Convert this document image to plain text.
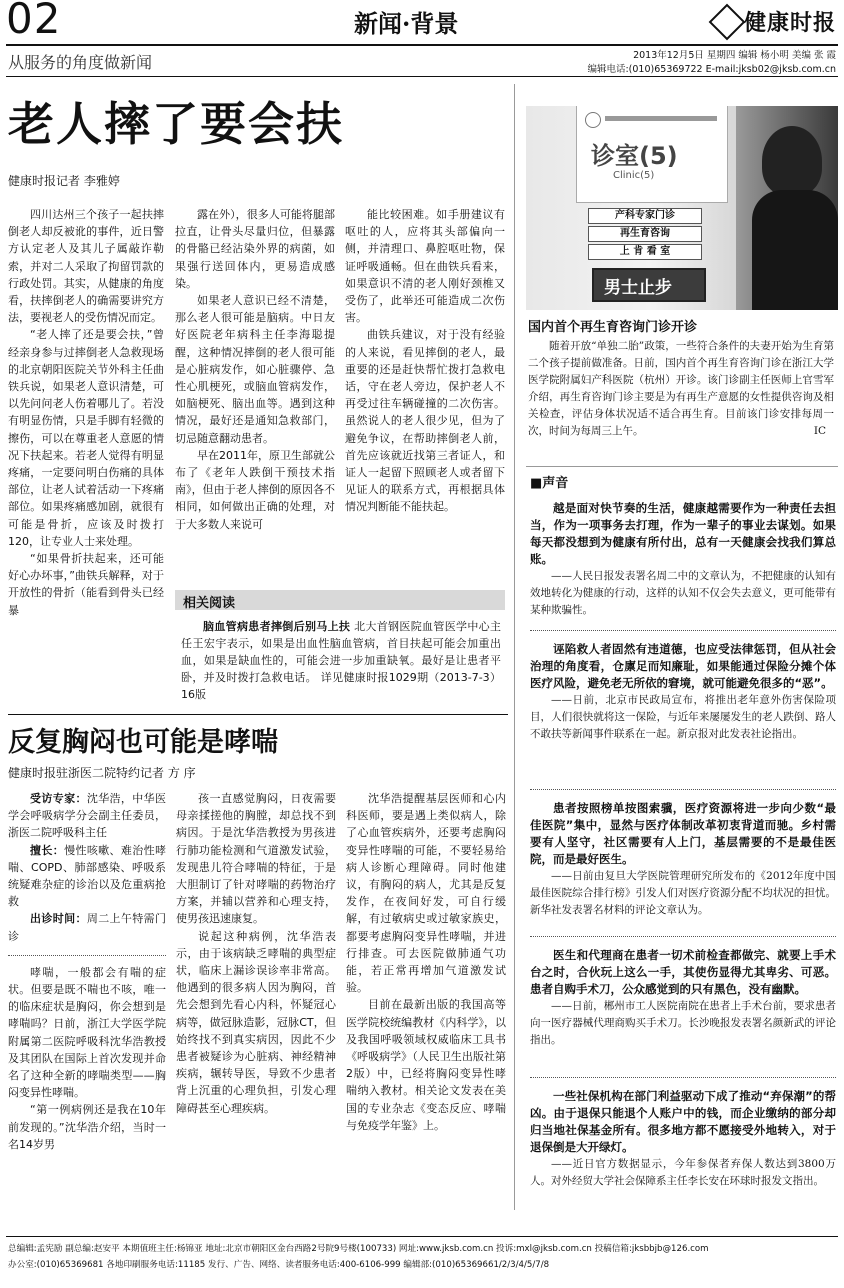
02	新闻·背景	健康时报
从服务的角度做新闻	2013年12月5日 星期四 编辑 杨小明 美编 张 霞
编辑电话:(010)65369722 E-mail:jksb02@jksb.com.cn
老人摔了要会扶
健康时报记者 李雅婷

四川达州三个孩子一起扶摔倒老人却反被讹的事件，近日警方认定老人及其儿子属敲诈勒索，并对二人采取了拘留罚款的行政处罚。其实，从健康的角度看，扶摔倒老人的确需要讲究方法，要视老人的受伤情况而定。

“老人摔了还是要会扶，”曾经亲身参与过摔倒老人急救现场的北京朝阳医院关节外科主任曲铁兵说，如果老人意识清楚，可以先问问老人伤着哪儿了。若没有明显伤情，只是手脚有轻微的擦伤，可以在尊重老人意愿的情况下扶起来。若老人觉得有明显疼痛，一定要问明白伤痛的具体部位，让老人试着活动一下疼痛部位。如果疼痛感加剧，就很有可能是骨折，应该及时拨打120，让专业人士来处理。

“如果骨折扶起来，还可能好心办坏事，”曲铁兵解释，对于开放性的骨折（能看到骨头已经暴

露在外），很多人可能将腿部拉直，让骨头尽量归位，但暴露的骨骼已经沾染外界的病菌，如果强行送回体内，更易造成感染。

如果老人意识已经不清楚，那么老人很可能是脑病。中日友好医院老年病科主任李海聪提醒，这种情况摔倒的老人很可能是心脏病发作，如心脏骤停、急性心肌梗死，或脑血管病发作，如脑梗死、脑出血等。遇到这种情况，最好还是通知急救部门，切忌随意翻动患者。

早在2011年，原卫生部就公布了《老年人跌倒干预技术指南》，但由于老人摔倒的原因各不相同，如何做出正确的处理，对于大多数人来说可

能比较困难。如手册建议有呕吐的人，应将其头部偏向一侧，并清理口、鼻腔呕吐物，保证呼吸通畅。但在曲铁兵看来，如果意识不清的老人刚好颈椎又受伤了，此举还可能造成二次伤害。

曲铁兵建议，对于没有经验的人来说，看见摔倒的老人，最重要的还是赶快帮忙拨打急救电话，守在老人旁边，保护老人不再受过往车辆碰撞的二次伤害。虽然说人的老人很少见，但为了避免争议，在帮助摔倒老人前，首先应该就近找第三者证人，和证人一起留下照顾老人或者留下见证人的联系方式，再根据具体情况判断能不能扶起。

相关阅读
脑血管病患者摔倒后别马上扶 北大首钢医院血管医学中心主任王宏宇表示，如果是出血性脑血管病，首目扶起可能会加重出血，如果是缺血性的，可能会进一步加重缺氧。最好是让患者平卧，并及时拨打急救电话。 详见健康时报1029期（2013-7-3）16版
反复胸闷也可能是哮喘
健康时报驻浙医二院特约记者 方 序
受访专家：沈华浩，中华医学会呼吸病学分会副主任委员，浙医二院呼吸科主任
擅长：慢性咳嗽、难治性哮喘、COPD、肺部感染、呼吸系统疑难杂症的诊治以及危重病抢救
出诊时间：周二上午特需门诊

哮喘，一般都会有喘的症状。但要是既不喘也不咳，唯一的临床症状是胸闷，你会想到是哮喘吗？日前，浙江大学医学院附属第二医院呼吸科沈华浩教授及其团队在国际上首次发现并命名了这种全新的哮喘类型——胸闷变异性哮喘。

“第一例病例还是我在10年前发现的。”沈华浩介绍，当时一名14岁男

孩一直感觉胸闷，日夜需要母亲揉搓他的胸膛，却总找不到病因。于是沈华浩教授为男孩进行肺功能检测和气道激发试验，发现患儿符合哮喘的特征，于是大胆制订了针对哮喘的药物治疗方案，并辅以营养和心理支持，使男孩迅速康复。

说起这种病例，沈华浩表示，由于该病缺乏哮喘的典型症状，临床上漏诊误诊率非常高。他遇到的很多病人因为胸闷，首先会想到先看心内科，怀疑冠心病等，做冠脉造影，冠脉CT，但始终找不到真实病因，因此不少患者被疑诊为心脏病、神经精神疾病，辗转导医，导致不少患者背上沉重的心理负担，引发心理障碍甚至心理疾病。

沈华浩提醒基层医师和心内科医师，要是遇上类似病人，除了心血管疾病外，还要考虑胸闷变异性哮喘的可能，不要轻易给病人诊断心理障碍。同时他建议，有胸闷的病人，尤其是反复发作，在夜间好发，可自行缓解，有过敏病史或过敏家族史，都要考虑胸闷变异性哮喘，并进行排查。可去医院做肺通气功能，若正常再增加气道激发试验。

目前在最新出版的我国高等医学院校统编教材《内科学》，以及我国呼吸领域权威临床工具书《呼吸病学》（人民卫生出版社第2版）中，已经将胸闷变异性哮喘纳入教材。相关论文发表在美国的专业杂志《变态反应、哮喘与免疫学年鉴》上。

诊室(5)
Clinic(5)
产科专家门诊
再生育咨询
上 肯 看 室
男士止步
国内首个再生育咨询门诊开诊
随着开放“单独二胎”政策，一些符合条件的夫妻开始为生育第二个孩子提前做准备。日前，国内首个再生育咨询门诊在浙江大学医学院附属妇产科医院（杭州）开诊。该门诊副主任医师上官雪军介绍，再生育咨询门诊主要是为有再生产意愿的女性提供咨询及相关检查，评估身体状况适不适合再生育。目前该门诊安排每周一次，时间为每周三上午。	IC
■声音
越是面对快节奏的生活，健康越需要作为一种责任去担当，作为一项事务去打理，作为一辈子的事业去谋划。如果每天都没想到为健康有所付出，总有一天健康会找我们算总账。
——人民日报发表署名周二中的文章认为，不把健康的认知有效地转化为健康的行动，这样的认知不仅会失去意义，更可能带有某种欺骗性。
诬陷救人者固然有违道德，也应受法律惩罚，但从社会治理的角度看，仓廪足而知廉耻，如果能通过保险分摊个体医疗风险，避免老无所依的窘境，就可能避免很多的“恶”。
——日前，北京市民政局宣布，将推出老年意外伤害保险项目，人们很快就将这一保险，与近年来屡屡发生的老人跌倒、路人不敢扶等新闻事件联系在一起。新京报对此发表社论指出。
患者按照榜单按图索骥，医疗资源将进一步向少数“最佳医院”集中，显然与医疗体制改革初衷背道而驰。乡村需要有人坚守，社区需要有人上门，基层需要的不是最佳医院，而是最好医生。
——日前由复旦大学医院管理研究所发布的《2012年度中国最佳医院综合排行榜》引发人们对医疗资源分配不均状况的担忧。新华社发表署名材料的评论文章认为。
医生和代理商在患者一切术前检查都做完、就要上手术台之时，合伙玩上这么一手，其使伤显得尤其卑劣、可恶。患者自购手术刀，公众感觉到的只有黑色，没有幽默。
——日前，郴州市工人医院南院在患者上手术台前，要求患者向一医疗器械代理商购买手术刀。长沙晚报发表署名颜新武的评论指出。
一些社保机构在部门利益驱动下成了推动“弃保潮”的帮凶。由于退保只能退个人账户中的钱，而企业缴纳的部分却归当地社保基金所有。很多地方都不愿接受外地转入，对于退保倒是大开绿灯。
——近日官方数据显示，今年参保者弃保人数达到3800万人。对外经贸大学社会保障系主任李长安在环球时报发文指出。
总编辑:孟宪励 副总编:赵安平 本期值班主任:杨锦亚 地址:北京市朝阳区金台西路2号院9号楼(100733) 网址:www.jksb.com.cn 投诉:mxl@jksb.com.cn 投稿信箱:jksbbjb@126.com
办公室:(010)65369681 各地印刷服务电话:11185 发行、广告、网络、读者服务电话:400-6106-999 编辑部:(010)65369661/2/3/4/5/7/8
